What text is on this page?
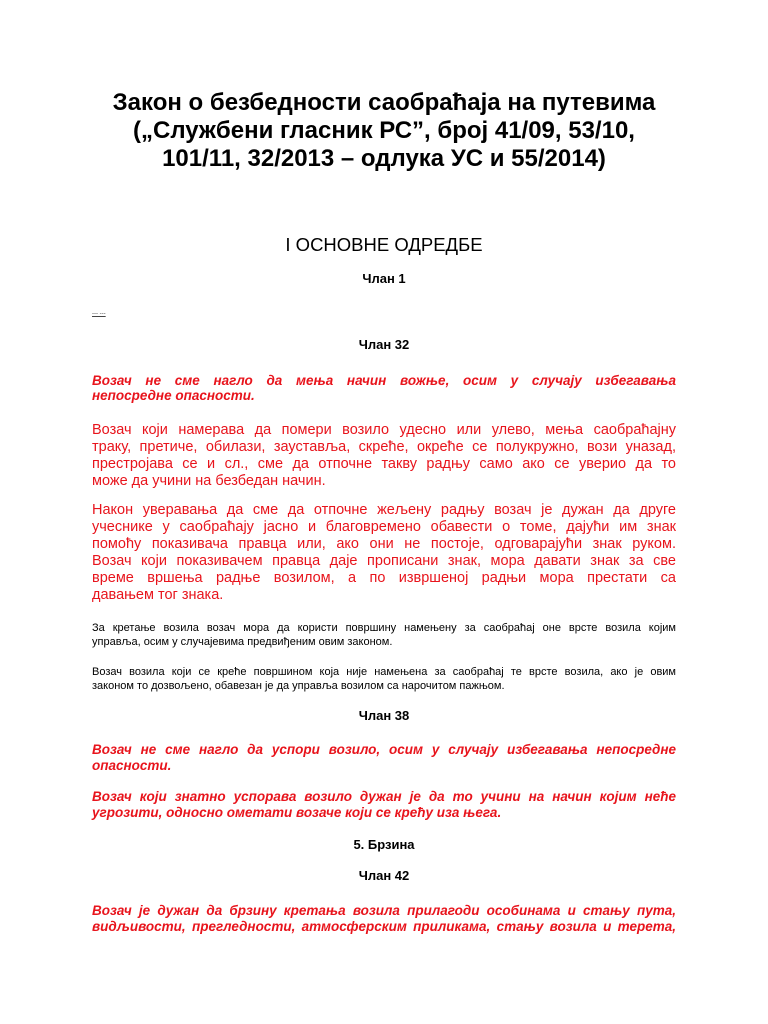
Закон о безбедности саобраћаја на путевима
(„Службени гласник РС”, број 41/09, 53/10,
101/11, 32/2013 – одлука УС и 55/2014)
I ОСНОВНЕ ОДРЕДБЕ
Члан 1
--- ---
Члан 32
Возач не сме нагло да мења начин вожње, осим у случају избегавања
непосредне опасности.
Возач који намерава да помери возило удесно или улево, мења саобраћајну
траку, претиче, обилази, зауставља, скреће, окреће се полукружно, вози уназад,
престројава се и сл., сме да отпочне такву радњу само ако се уверио да то
може да учини на безбедан начин.
Након уверавања да сме да отпочне жељену радњу возач је дужан да друге
учеснике у саобраћају јасно и благовремено обавести о томе, дајући им знак
помоћу показивача правца или, ако они не постоје, одговарајући знак руком.
Возач који показивачем правца даје прописани знак, мора давати знак за све
време вршења радње возилом, а по извршеној радњи мора престати са
давањем тог знака.
За кретање возила возач мора да користи површину намењену за саобраћај оне врсте возила којим
управља, осим у случајевима предвиђеним овим законом.
Возач возила који се креће површином која није намењена за саобраћај те врсте возила, ако је овим
законом то дозвољено, обавезан је да управља возилом са нарочитом пажњом.
Члан 38
Возач не сме нагло да успори возило, осим у случају избегавања непосредне
опасности.
Возач који знатно успорава возило дужан је да то учини на начин којим неће
угрозити, односно ометати возаче који се крећу иза њега.
5. Брзина
Члан 42
Возач је дужан да брзину кретања возила прилагоди особинама и стању пута,
видљивости, прегледности, атмосферским приликама, стању возила и терета,
